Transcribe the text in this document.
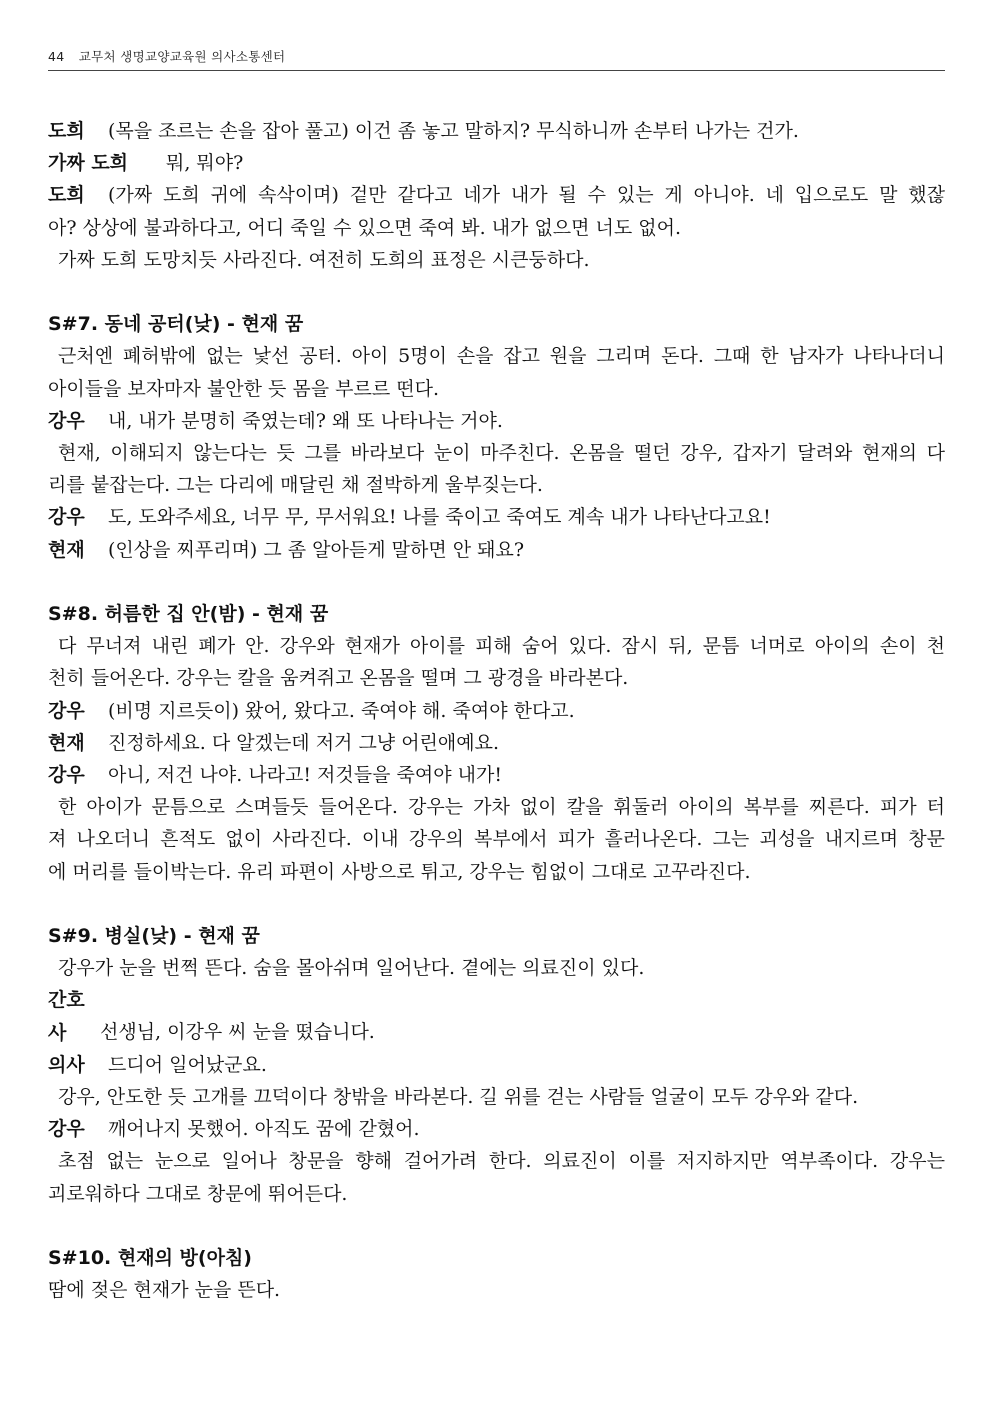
44 교무처 생명교양교육원 의사소통센터

도희 (목을 조르는 손을 잡아 풀고) 이건 좀 놓고 말하지? 무식하니까 손부터 나가는 건가.

가짜 도희 뭐, 뭐야?

도희 (가짜 도희 귀에 속삭이며) 겉만 같다고 네가 내가 될 수 있는 게 아니야. 네 입으로도 말 했잖

아? 상상에 불과하다고, 어디 죽일 수 있으면 죽여 봐. 내가 없으면 너도 없어.

가짜 도희 도망치듯 사라진다. 여전히 도희의 표정은 시큰둥하다.

S#7. 동네 공터(낮) - 현재 꿈

근처엔 폐허밖에 없는 낯선 공터. 아이 5명이 손을 잡고 원을 그리며 돈다. 그때 한 남자가 나타나더니

아이들을 보자마자 불안한 듯 몸을 부르르 떤다.

강우 내, 내가 분명히 죽였는데? 왜 또 나타나는 거야.

현재, 이해되지 않는다는 듯 그를 바라보다 눈이 마주친다. 온몸을 떨던 강우, 갑자기 달려와 현재의 다

리를 붙잡는다. 그는 다리에 매달린 채 절박하게 울부짖는다.

강우 도, 도와주세요, 너무 무, 무서워요! 나를 죽이고 죽여도 계속 내가 나타난다고요!

현재 (인상을 찌푸리며) 그 좀 알아듣게 말하면 안 돼요?

S#8. 허름한 집 안(밤) - 현재 꿈

다 무너져 내린 폐가 안. 강우와 현재가 아이를 피해 숨어 있다. 잠시 뒤, 문틈 너머로 아이의 손이 천

천히 들어온다. 강우는 칼을 움켜쥐고 온몸을 떨며 그 광경을 바라본다.

강우 (비명 지르듯이) 왔어, 왔다고. 죽여야 해. 죽여야 한다고.

현재 진정하세요. 다 알겠는데 저거 그냥 어린애예요.

강우 아니, 저건 나야. 나라고! 저것들을 죽여야 내가!

한 아이가 문틈으로 스며들듯 들어온다. 강우는 가차 없이 칼을 휘둘러 아이의 복부를 찌른다. 피가 터

져 나오더니 흔적도 없이 사라진다. 이내 강우의 복부에서 피가 흘러나온다. 그는 괴성을 내지르며 창문

에 머리를 들이박는다. 유리 파편이 사방으로 튀고, 강우는 힘없이 그대로 고꾸라진다.

S#9. 병실(낮) - 현재 꿈

강우가 눈을 번쩍 뜬다. 숨을 몰아쉬며 일어난다. 곁에는 의료진이 있다.

간호사 선생님, 이강우 씨 눈을 떴습니다.

의사 드디어 일어났군요.

강우, 안도한 듯 고개를 끄덕이다 창밖을 바라본다. 길 위를 걷는 사람들 얼굴이 모두 강우와 같다.

강우 깨어나지 못했어. 아직도 꿈에 갇혔어.

초점 없는 눈으로 일어나 창문을 향해 걸어가려 한다. 의료진이 이를 저지하지만 역부족이다. 강우는

괴로워하다 그대로 창문에 뛰어든다.

S#10. 현재의 방(아침)

땀에 젖은 현재가 눈을 뜬다.
